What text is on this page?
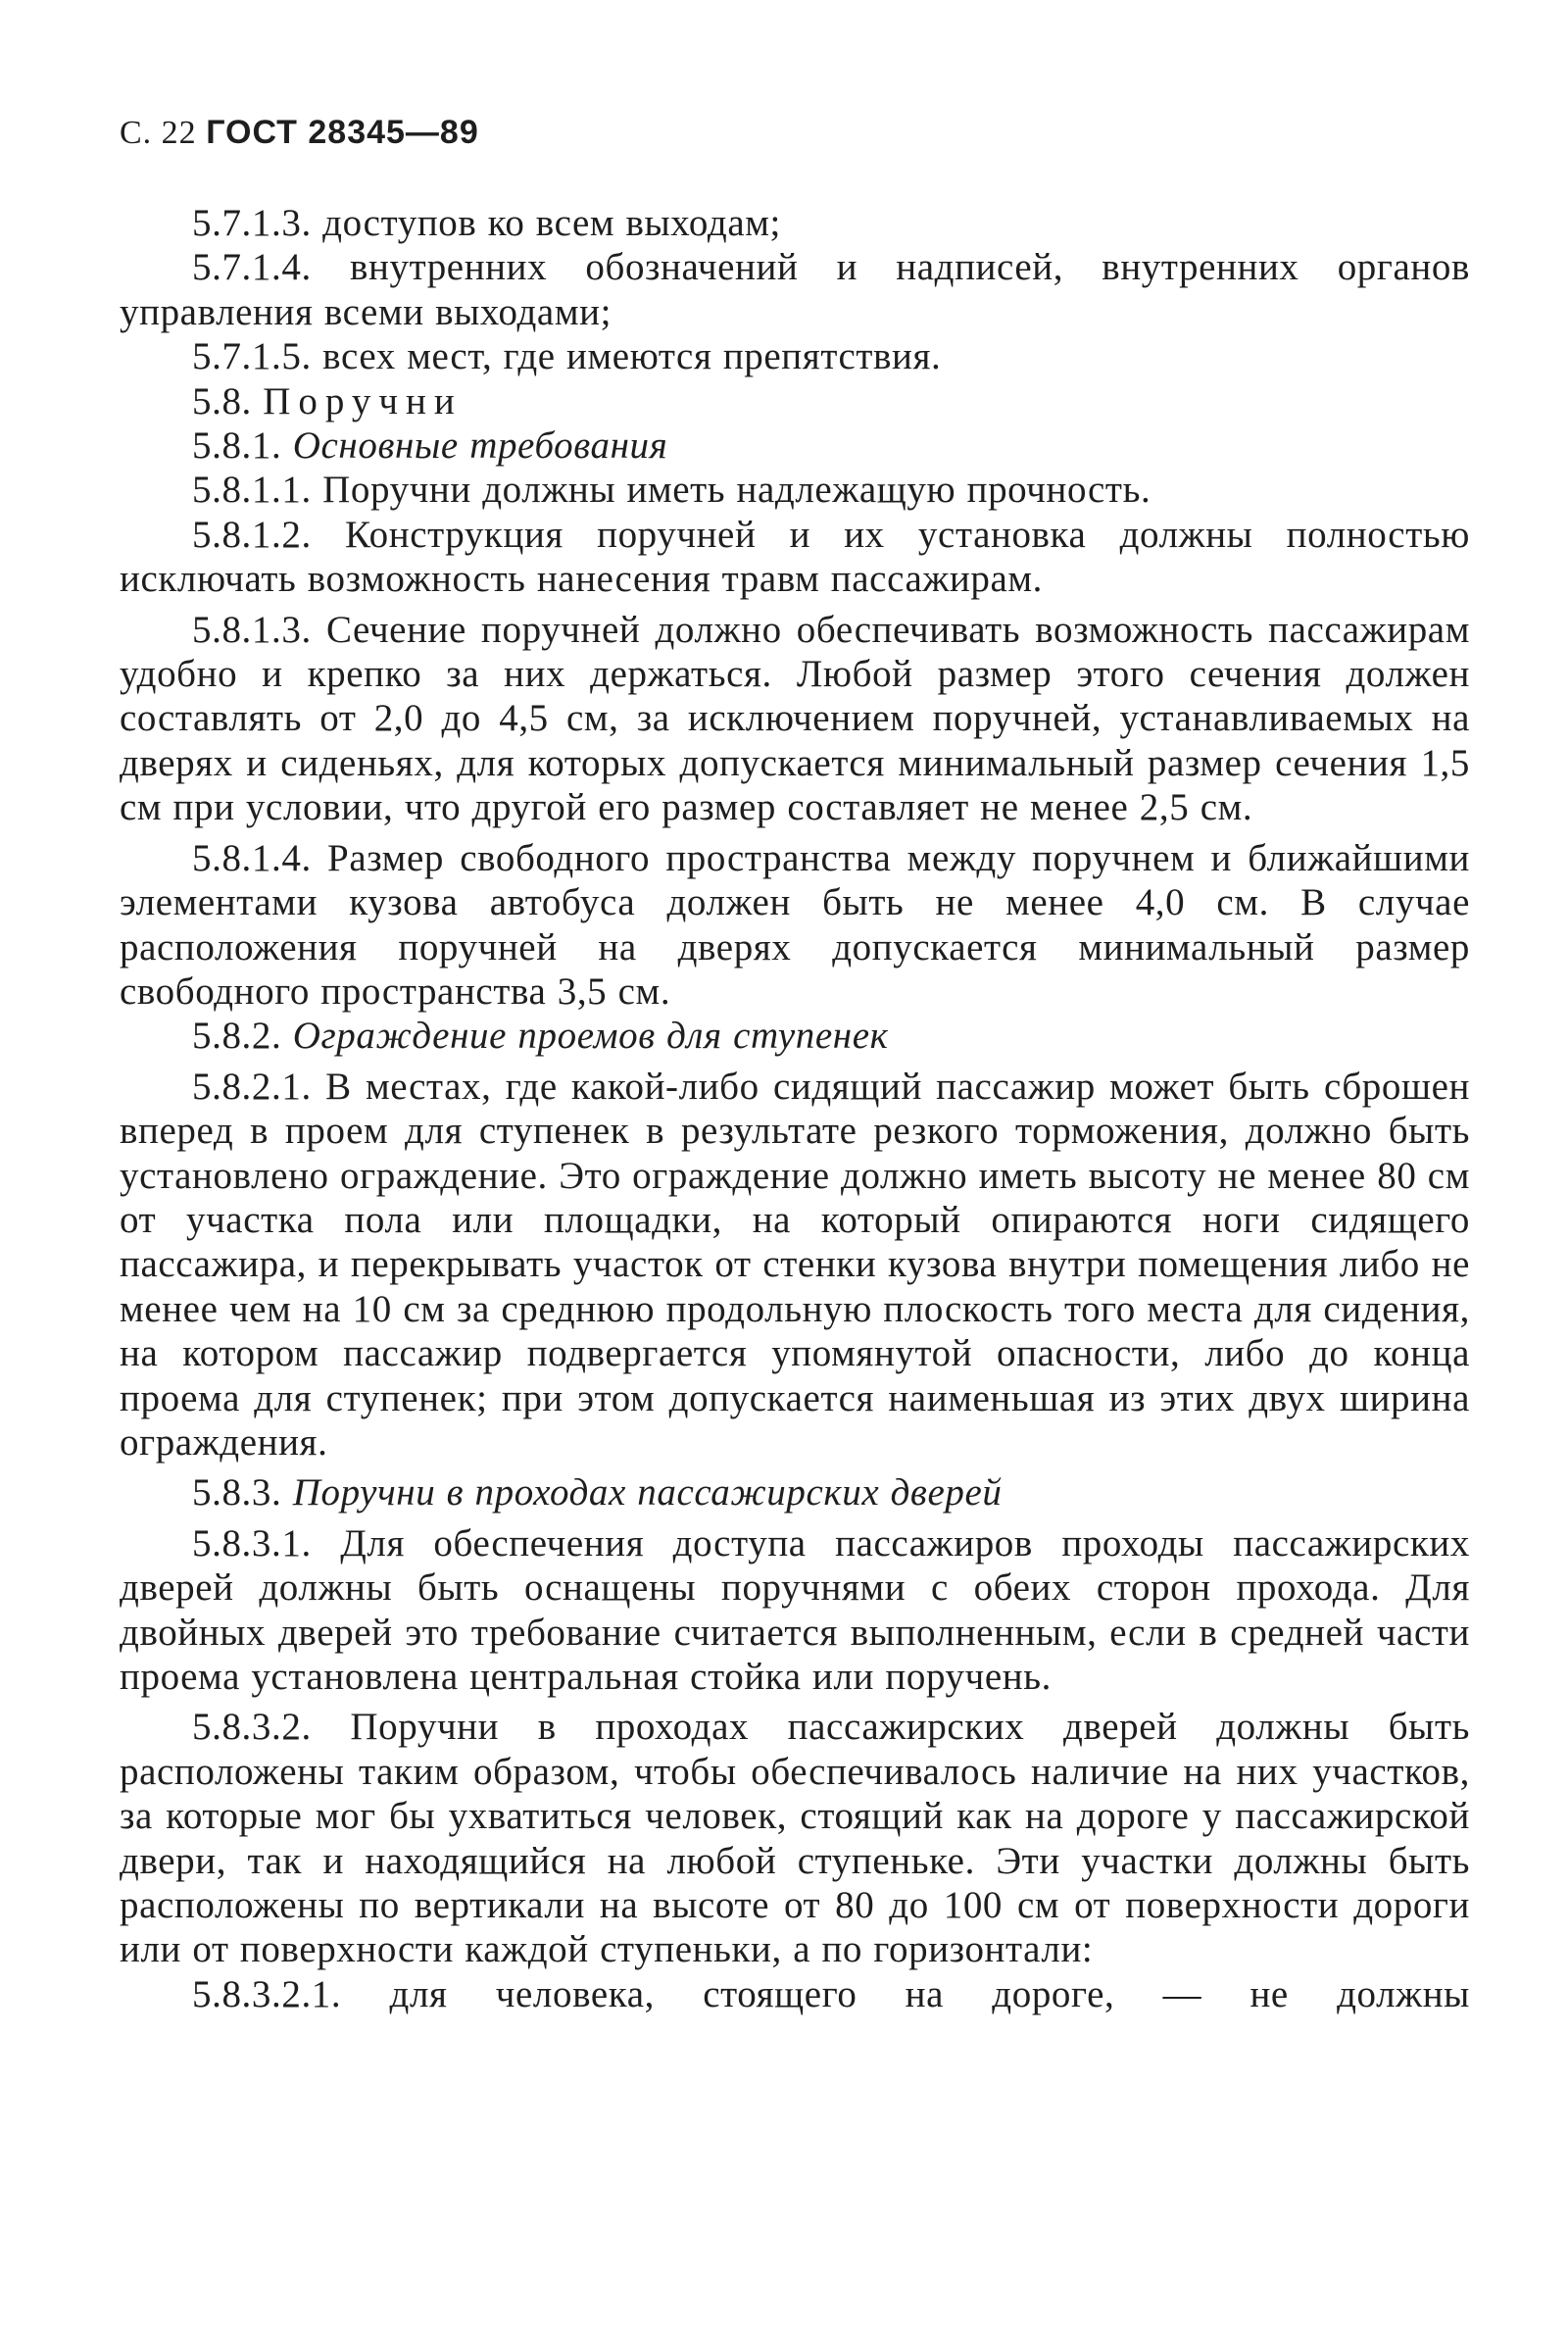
С. 22 ГОСТ 28345—89

5.7.1.3. доступов ко всем выходам;

5.7.1.4. внутренних обозначений и надписей, внутренних органов управления всеми выходами;

5.7.1.5. всех мест, где имеются препятствия.

5.8. Поручни

5.8.1. Основные требования

5.8.1.1. Поручни должны иметь надлежащую прочность.

5.8.1.2. Конструкция поручней и их установка должны полностью исключать возможность нанесения травм пассажирам.

5.8.1.3. Сечение поручней должно обеспечивать возможность пассажирам удобно и крепко за них держаться. Любой размер этого сечения должен составлять от 2,0 до 4,5 см, за исключением поручней, устанавливаемых на дверях и сиденьях, для которых допускается минимальный размер сечения 1,5 см при условии, что другой его размер составляет не менее 2,5 см.

5.8.1.4. Размер свободного пространства между поручнем и ближайшими элементами кузова автобуса должен быть не менее 4,0 см. В случае расположения поручней на дверях допускается минимальный размер свободного пространства 3,5 см.

5.8.2. Ограждение проемов для ступенек

5.8.2.1. В местах, где какой-либо сидящий пассажир может быть сброшен вперед в проем для ступенек в результате резкого торможения, должно быть установлено ограждение. Это ограждение должно иметь высоту не менее 80 см от участка пола или площадки, на который опираются ноги сидящего пассажира, и перекрывать участок от стенки кузова внутри помещения либо не менее чем на 10 см за среднюю продольную плоскость того места для сидения, на котором пассажир подвергается упомянутой опасности, либо до конца проема для ступенек; при этом допускается наименьшая из этих двух ширина ограждения.

5.8.3. Поручни в проходах пассажирских дверей

5.8.3.1. Для обеспечения доступа пассажиров проходы пассажирских дверей должны быть оснащены поручнями с обеих сторон прохода. Для двойных дверей это требование считается выполненным, если в средней части проема установлена центральная стойка или поручень.

5.8.3.2. Поручни в проходах пассажирских дверей должны быть расположены таким образом, чтобы обеспечивалось наличие на них участков, за которые мог бы ухватиться человек, стоящий как на дороге у пассажирской двери, так и находящийся на любой ступеньке. Эти участки должны быть расположены по вертикали на высоте от 80 до 100 см от поверхности дороги или от поверхности каждой ступеньки, а по горизонтали:

5.8.3.2.1. для человека, стоящего на дороге, — не должны
